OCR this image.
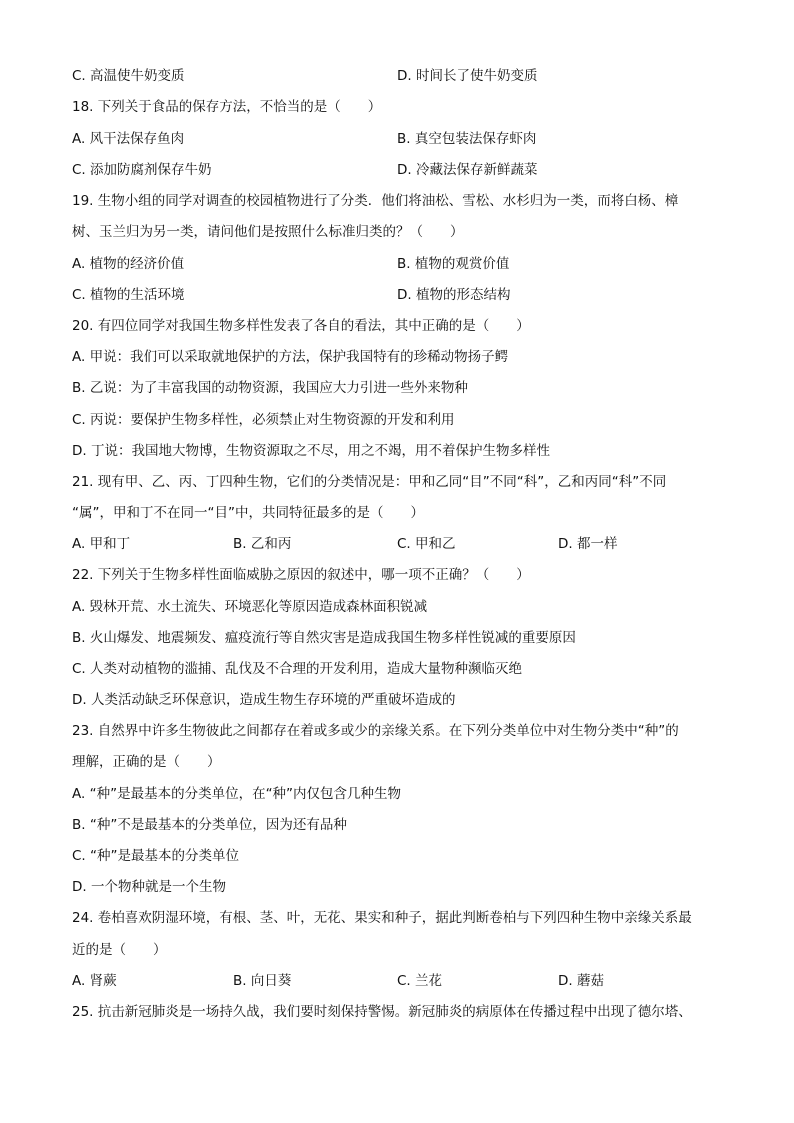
C. 高温使牛奶变质	D. 时间长了使牛奶变质
18. 下列关于食品的保存方法，不恰当的是（　　）
A. 风干法保存鱼肉	B. 真空包装法保存虾肉
C. 添加防腐剂保存牛奶	D. 冷藏法保存新鲜蔬菜
19. 生物小组的同学对调查的校园植物进行了分类．他们将油松、雪松、水杉归为一类，而将白杨、樟
树、玉兰归为另一类，请问他们是按照什么标准归类的？（　　）
A. 植物的经济价值	B. 植物的观赏价值
C. 植物的生活环境	D. 植物的形态结构
20. 有四位同学对我国生物多样性发表了各自的看法，其中正确的是（　　）
A. 甲说：我们可以采取就地保护的方法，保护我国特有的珍稀动物扬子鳄
B. 乙说：为了丰富我国的动物资源，我国应大力引进一些外来物种
C. 丙说：要保护生物多样性，必须禁止对生物资源的开发和利用
D. 丁说：我国地大物博，生物资源取之不尽，用之不竭，用不着保护生物多样性
21. 现有甲、乙、丙、丁四种生物，它们的分类情况是：甲和乙同“目”不同“科”，乙和丙同“科”不同
“属”，甲和丁不在同一“目”中，共同特征最多的是（　　）
A. 甲和丁	B. 乙和丙	C. 甲和乙	D. 都一样
22. 下列关于生物多样性面临威胁之原因的叙述中，哪一项不正确？（　　）
A. 毁林开荒、水土流失、环境恶化等原因造成森林面积锐减
B. 火山爆发、地震频发、瘟疫流行等自然灾害是造成我国生物多样性锐减的重要原因
C. 人类对动植物的滥捕、乱伐及不合理的开发利用，造成大量物种濒临灭绝
D. 人类活动缺乏环保意识，造成生物生存环境的严重破坏造成的
23. 自然界中许多生物彼此之间都存在着或多或少的亲缘关系。在下列分类单位中对生物分类中“种”的
理解，正确的是（　　）
A. “种”是最基本的分类单位，在“种”内仅包含几种生物
B. “种”不是最基本的分类单位，因为还有品种
C. “种”是最基本的分类单位
D. 一个物种就是一个生物
24. 卷柏喜欢阴湿环境，有根、茎、叶，无花、果实和种子，据此判断卷柏与下列四种生物中亲缘关系最
近的是（　　）
A. 肾蕨	B. 向日葵	C. 兰花	D. 蘑菇
25. 抗击新冠肺炎是一场持久战，我们要时刻保持警惕。新冠肺炎的病原体在传播过程中出现了德尔塔、
